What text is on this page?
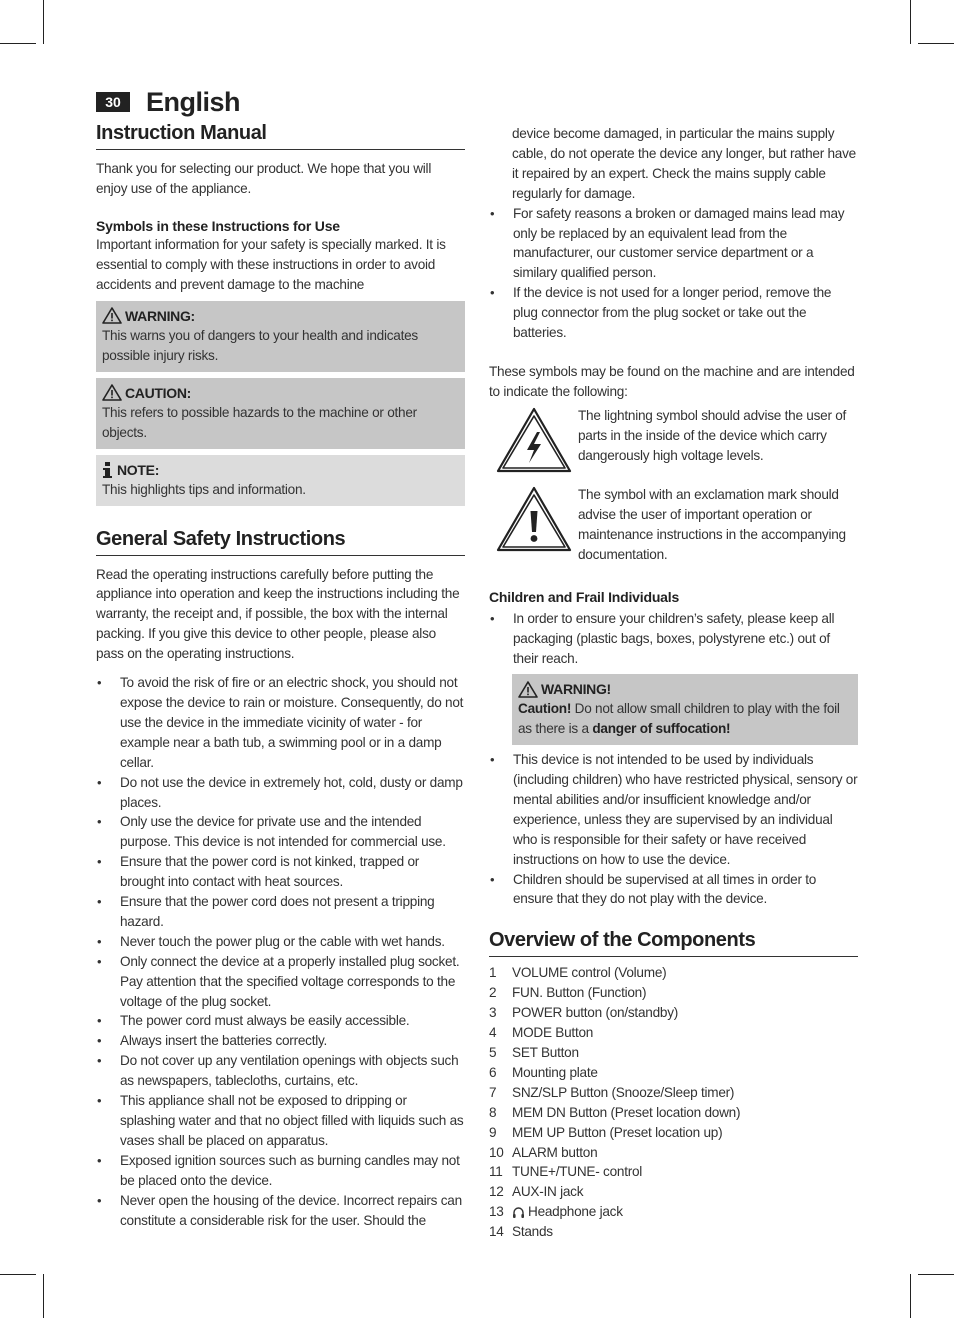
30 English
Instruction Manual

Thank you for selecting our product. We hope that you will enjoy use of the appliance.

Symbols in these Instructions for Use

Important information for your safety is specially marked. It is essential to comply with these instructions in order to avoid accidents and prevent damage to the machine

WARNING:

This warns you of dangers to your health and indicates possible injury risks.

CAUTION:

This refers to possible hazards to the machine or other objects.

NOTE:

This highlights tips and information.

General Safety Instructions

Read the operating instructions carefully before putting the appliance into operation and keep the instructions including the warranty, the receipt and, if possible, the box with the internal packing. If you give this device to other people, please also pass on the operating instructions.

• To avoid the risk of fire or an electric shock, you should not expose the device to rain or moisture. Consequently, do not use the device in the immediate vicinity of water - for example near a bath tub, a swimming pool or in a damp cellar.
• Do not use the device in extremely hot, cold, dusty or damp places.
• Only use the device for private use and the intended purpose. This device is not intended for commercial use.
• Ensure that the power cord is not kinked, trapped or brought into contact with heat sources.
• Ensure that the power cord does not present a tripping hazard.
• Never touch the power plug or the cable with wet hands.
• Only connect the device at a properly installed plug socket. Pay attention that the specified voltage corresponds to the voltage of the plug socket.
• The power cord must always be easily accessible.
• Always insert the batteries correctly.
• Do not cover up any ventilation openings with objects such as newspapers, tablecloths, curtains, etc.
• This appliance shall not be exposed to dripping or splashing water and that no object filled with liquids such as vases shall be placed on apparatus.
• Exposed ignition sources such as burning candles may not be placed onto the device.
• Never open the housing of the device. Incorrect repairs can constitute a considerable risk for the user. Should the

device become damaged, in particular the mains supply cable, do not operate the device any longer, but rather have it repaired by an expert. Check the mains supply cable regularly for damage.

• For safety reasons a broken or damaged mains lead may only be replaced by an equivalent lead from the manufacturer, our customer service department or a similary qualified person.
• If the device is not used for a longer period, remove the plug connector from the plug socket or take out the batteries.

These symbols may be found on the machine and are intended to indicate the following:

The lightning symbol should advise the user of parts in the inside of the device which carry dangerously high voltage levels.

The symbol with an exclamation mark should advise the user of important operation or maintenance instructions in the accompanying documentation.

Children and Frail Individuals
• In order to ensure your children’s safety, please keep all packaging (plastic bags, boxes, polystyrene etc.) out of their reach.
WARNING!

Caution! Do not allow small children to play with the foil as there is a danger of suffocation!

• This device is not intended to be used by individuals (including children) who have restricted physical, sensory or mental abilities and/or insufficient knowledge and/or experience, unless they are supervised by an individual who is responsible for their safety or have received instructions on how to use the device.
• Children should be supervised at all times in order to ensure that they do not play with the device.
Overview of the Components
1	VOLUME control (Volume)
2	FUN. Button (Function)
3	POWER button (on/standby)
4	MODE Button
5	SET Button
6	Mounting plate
7	SNZ/SLP Button (Snooze/Sleep timer)
8	MEM DN Button (Preset location down)
9	MEM UP Button (Preset location up)
10 ALARM button
11 TUNE+/TUNE- control
12 AUX-IN jack
13	Headphone jack
14 Stands
